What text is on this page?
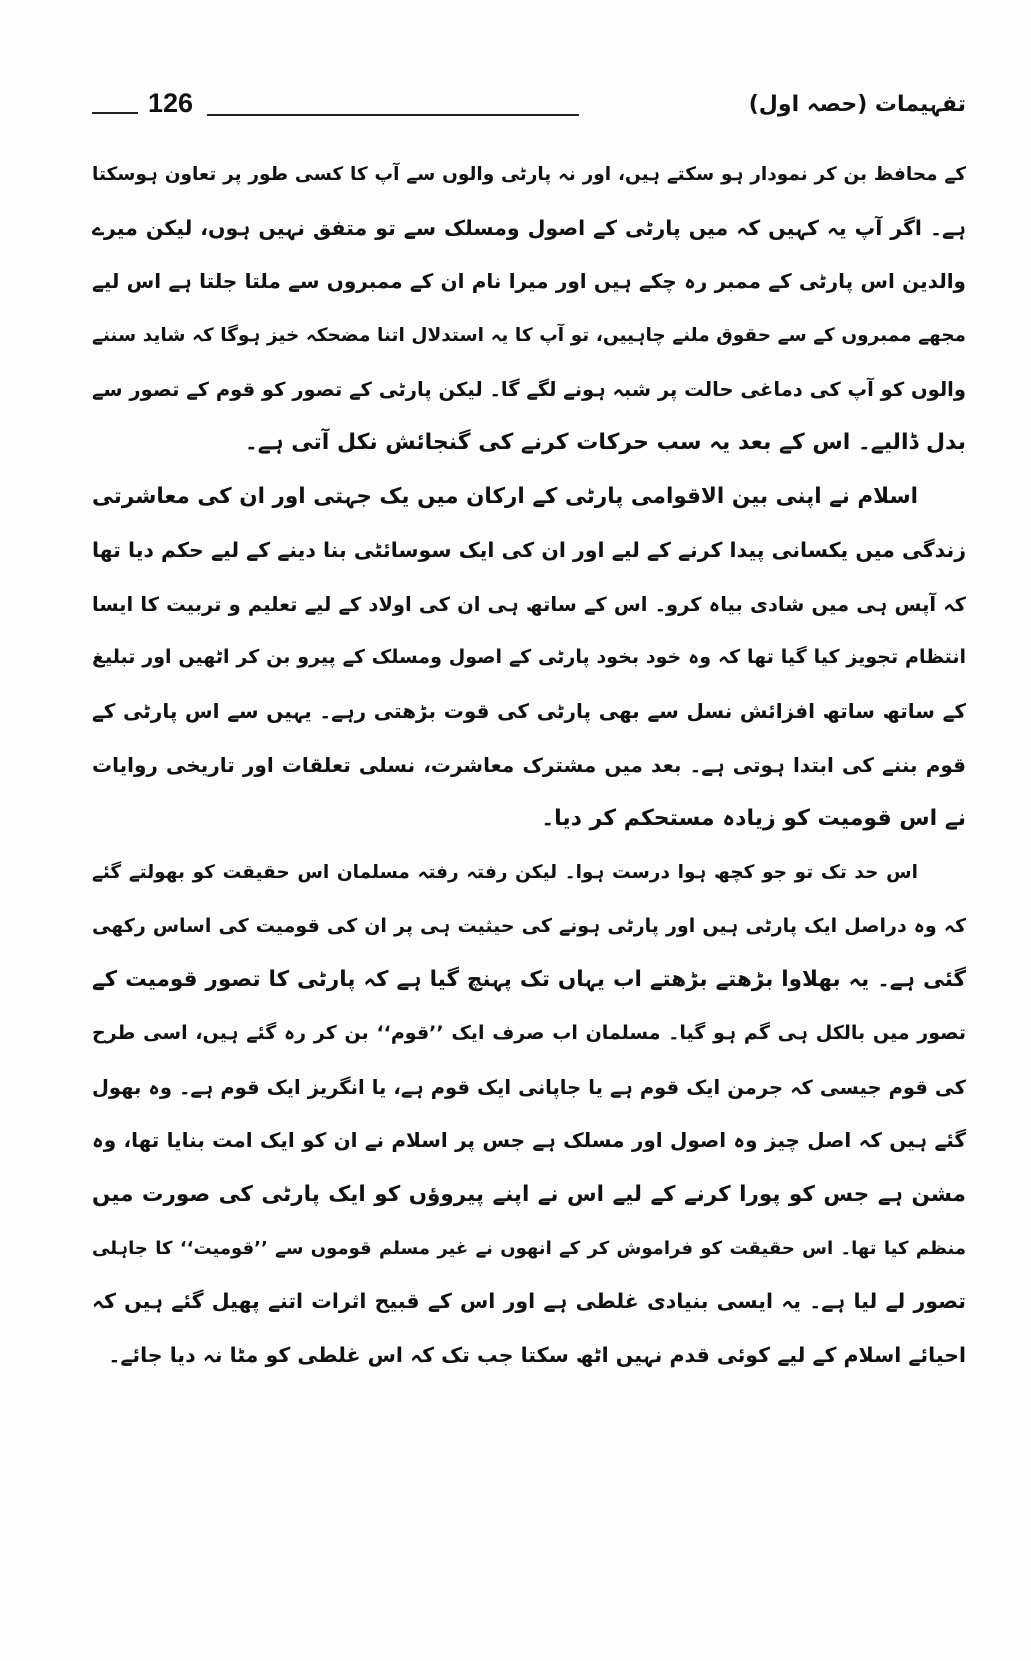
126	تفہیمات (حصہ اول)
کے محافظ بن کر نمودار ہو سکتے ہیں، اور نہ پارٹی والوں سے آپ کا کسی طور پر تعاون ہوسکتا
ہے۔ اگر آپ یہ کہیں کہ میں پارٹی کے اصول ومسلک سے تو متفق نہیں ہوں، لیکن میرے
والدین اس پارٹی کے ممبر رہ چکے ہیں اور میرا نام ان کے ممبروں سے ملتا جلتا ہے اس لیے
مجھے ممبروں کے سے حقوق ملنے چاہییں، تو آپ کا یہ استدلال اتنا مضحکہ خیز ہوگا کہ شاید سننے
والوں کو آپ کی دماغی حالت پر شبہ ہونے لگے گا۔ لیکن پارٹی کے تصور کو قوم کے تصور سے
بدل ڈالیے۔ اس کے بعد یہ سب حرکات کرنے کی گنجائش نکل آتی ہے۔
اسلام نے اپنی بین الاقوامی پارٹی کے ارکان میں یک جہتی اور ان کی معاشرتی
زندگی میں یکسانی پیدا کرنے کے لیے اور ان کی ایک سوسائٹی بنا دینے کے لیے حکم دیا تھا
کہ آپس ہی میں شادی بیاہ کرو۔ اس کے ساتھ ہی ان کی اولاد کے لیے تعلیم و تربیت کا ایسا
انتظام تجویز کیا گیا تھا کہ وہ خود بخود پارٹی کے اصول ومسلک کے پیرو بن کر اٹھیں اور تبلیغ
کے ساتھ ساتھ افزائش نسل سے بھی پارٹی کی قوت بڑھتی رہے۔ یہیں سے اس پارٹی کے
قوم بننے کی ابتدا ہوتی ہے۔ بعد میں مشترک معاشرت، نسلی تعلقات اور تاریخی روایات
نے اس قومیت کو زیادہ مستحکم کر دیا۔
اس حد تک تو جو کچھ ہوا درست ہوا۔ لیکن رفتہ رفتہ مسلمان اس حقیقت کو بھولتے گئے
کہ وہ دراصل ایک پارٹی ہیں اور پارٹی ہونے کی حیثیت ہی پر ان کی قومیت کی اساس رکھی
گئی ہے۔ یہ بھلاوا بڑھتے بڑھتے اب یہاں تک پہنچ گیا ہے کہ پارٹی کا تصور قومیت کے
تصور میں بالکل ہی گم ہو گیا۔ مسلمان اب صرف ایک ’’قوم‘‘ بن کر رہ گئے ہیں، اسی طرح
کی قوم جیسی کہ جرمن ایک قوم ہے یا جاپانی ایک قوم ہے، یا انگریز ایک قوم ہے۔ وہ بھول
گئے ہیں کہ اصل چیز وہ اصول اور مسلک ہے جس پر اسلام نے ان کو ایک امت بنایا تھا، وہ
مشن ہے جس کو پورا کرنے کے لیے اس نے اپنے پیروؤں کو ایک پارٹی کی صورت میں
منظم کیا تھا۔ اس حقیقت کو فراموش کر کے انھوں نے غیر مسلم قوموں سے ’’قومیت‘‘ کا جاہلی
تصور لے لیا ہے۔ یہ ایسی بنیادی غلطی ہے اور اس کے قبیح اثرات اتنے پھیل گئے ہیں کہ
احیائے اسلام کے لیے کوئی قدم نہیں اٹھ سکتا جب تک کہ اس غلطی کو مٹا نہ دیا جائے۔
